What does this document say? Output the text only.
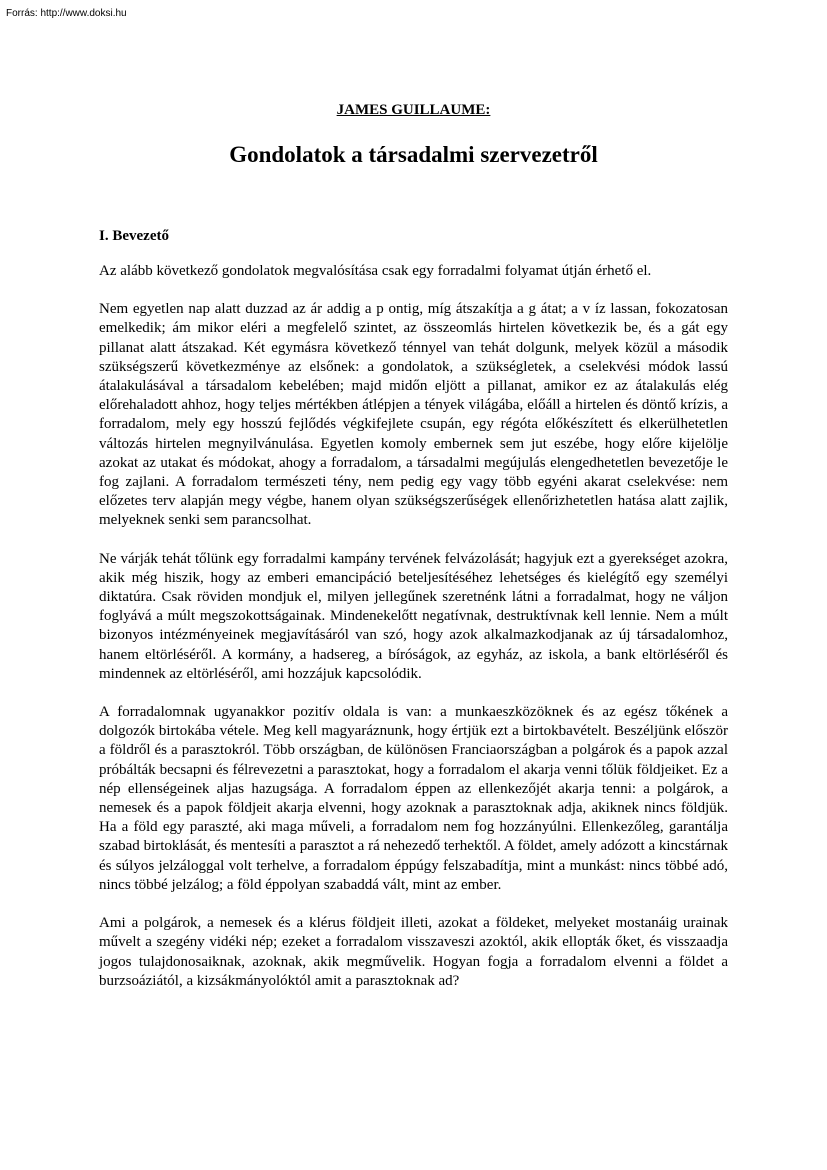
Forrás: http://www.doksi.hu
JAMES GUILLAUME:
Gondolatok a társadalmi szervezetről
I. Bevezető

Az alább következő gondolatok megvalósítása csak egy forradalmi folyamat útján érhető el.

Nem egyetlen nap alatt duzzad az ár addig a p ontig, míg átszakítja a g átat; a v íz lassan, fokozatosan emelkedik; ám mikor eléri a megfelelő szintet, az összeomlás hirtelen következik be, és a gát egy pillanat alatt átszakad. Két egymásra következő ténnyel van tehát dolgunk, melyek közül a második szükségszerű következménye az elsőnek: a gondolatok, a szükségletek, a cselekvési módok lassú átalakulásával a társadalom kebelében; majd midőn eljött a pillanat, amikor ez az átalakulás elég előrehaladott ahhoz, hogy teljes mértékben átlépjen a tények világába, előáll a hirtelen és döntő krízis, a forradalom, mely egy hosszú fejlődés végkifejlete csupán, egy régóta előkészített és elkerülhetetlen változás hirtelen megnyilvánulása. Egyetlen komoly embernek sem jut eszébe, hogy előre kijelölje azokat az utakat és módokat, ahogy a forradalom, a társadalmi megújulás elengedhetetlen bevezetője le fog zajlani. A forradalom természeti tény, nem pedig egy vagy több egyéni akarat cselekvése: nem előzetes terv alapján megy végbe, hanem olyan szükségszerűségek ellenőrizhetetlen hatása alatt zajlik, melyeknek senki sem parancsolhat.

Ne várják tehát tőlünk egy forradalmi kampány tervének felvázolását; hagyjuk ezt a gyerekséget azokra, akik még hiszik, hogy az emberi emancipáció beteljesítéséhez lehetséges és kielégítő egy személyi diktatúra. Csak röviden mondjuk el, milyen jellegűnek szeretnénk látni a forradalmat, hogy ne váljon foglyává a múlt megszokottságainak. Mindenekelőtt negatívnak, destruktívnak kell lennie. Nem a múlt bizonyos intézményeinek megjavításáról van szó, hogy azok alkalmazkodjanak az új társadalomhoz, hanem eltörléséről. A kormány, a hadsereg, a bíróságok, az egyház, az iskola, a bank eltörléséről és mindennek az eltörléséről, ami hozzájuk kapcsolódik.

A forradalomnak ugyanakkor pozitív oldala is van: a munkaeszközöknek és az egész tőkének a dolgozók birtokába vétele. Meg kell magyaráznunk, hogy értjük ezt a birtokbavételt. Beszéljünk először a földről és a parasztokról. Több országban, de különösen Franciaországban a polgárok és a papok azzal próbálták becsapni és félrevezetni a parasztokat, hogy a forradalom el akarja venni tőlük földjeiket. Ez a nép ellenségeinek aljas hazugsága. A forradalom éppen az ellenkezőjét akarja tenni: a polgárok, a nemesek és a papok földjeit akarja elvenni, hogy azoknak a parasztoknak adja, akiknek nincs földjük. Ha a föld egy paraszté, aki maga műveli, a forradalom nem fog hozzányúlni. Ellenkezőleg, garantálja szabad birtoklását, és mentesíti a parasztot a rá nehezedő terhektől. A földet, amely adózott a kincstárnak és súlyos jelzáloggal volt terhelve, a forradalom éppúgy felszabadítja, mint a munkást: nincs többé adó, nincs többé jelzálog; a föld éppolyan szabaddá vált, mint az ember.

Ami a polgárok, a nemesek és a klérus földjeit illeti, azokat a földeket, melyeket mostanáig urainak művelt a szegény vidéki nép; ezeket a forradalom visszaveszi azoktól, akik ellopták őket, és visszaadja jogos tulajdonosaiknak, azoknak, akik megművelik. Hogyan fogja a forradalom elvenni a földet a burzsoáziától, a kizsákmányolóktól amit a parasztoknak ad?
